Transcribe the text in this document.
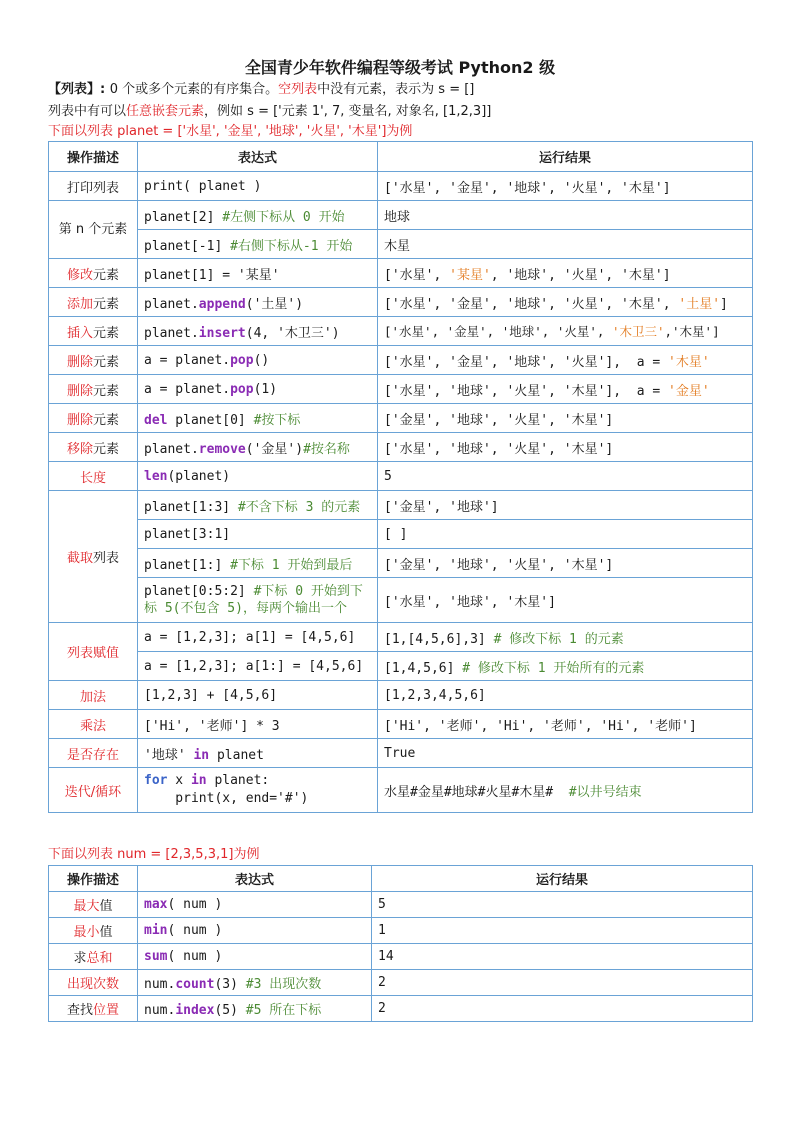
全国青少年软件编程等级考试 Python2 级
【列表】: 0 个或多个元素的有序集合。空列表中没有元素，表示为 s = []
列表中有可以任意嵌套元素，例如 s = ['元素 1', 7, 变量名, 对象名, [1,2,3]]
下面以列表 planet = ['水星', '金星', '地球', '火星', '木星']为例
操作描述	表达式	运行结果
打印列表	print( planet )	['水星', '金星', '地球', '火星', '木星']
第 n 个元素	planet[2] #左侧下标从 0 开始	地球
	planet[-1] #右侧下标从-1 开始	木星
修改元素	planet[1] = '某星'	['水星', '某星', '地球', '火星', '木星']
添加元素	planet.append('土星')	['水星', '金星', '地球', '火星', '木星', '土星']
插入元素	planet.insert(4, '木卫三')	['水星', '金星', '地球', '火星', '木卫三','木星']
删除元素	a = planet.pop()	['水星', '金星', '地球', '火星'],  a = '木星'
删除元素	a = planet.pop(1)	['水星', '地球', '火星', '木星'],  a = '金星'
删除元素	del planet[0] #按下标	['金星', '地球', '火星', '木星']
移除元素	planet.remove('金星')#按名称	['水星', '地球', '火星', '木星']
长度	len(planet)	5
截取列表	planet[1:3] #不含下标 3 的元素	['金星', '地球']
	planet[3:1]	[ ]
	planet[1:] #下标 1 开始到最后	['金星', '地球', '火星', '木星']
	planet[0:5:2] #下标 0 开始到下
标 5(不包含 5)，每两个输出一个	['水星', '地球', '木星']
列表赋值	a = [1,2,3]; a[1] = [4,5,6]	[1,[4,5,6],3] # 修改下标 1 的元素
	a = [1,2,3]; a[1:] = [4,5,6]	[1,4,5,6] # 修改下标 1 开始所有的元素
加法	[1,2,3] + [4,5,6]	[1,2,3,4,5,6]
乘法	['Hi', '老师'] * 3	['Hi', '老师', 'Hi', '老师', 'Hi', '老师']
是否存在	'地球' in planet	True
迭代/循环	for x in planet:
print(x, end='#')	水星#金星#地球#火星#木星#  #以井号结束
下面以列表 num = [2,3,5,3,1]为例
操作描述	表达式	运行结果
最大值	max( num )	5
最小值	min( num )	1
求总和	sum( num )	14
出现次数	num.count(3) #3 出现次数	2
查找位置	num.index(5) #5 所在下标	2
